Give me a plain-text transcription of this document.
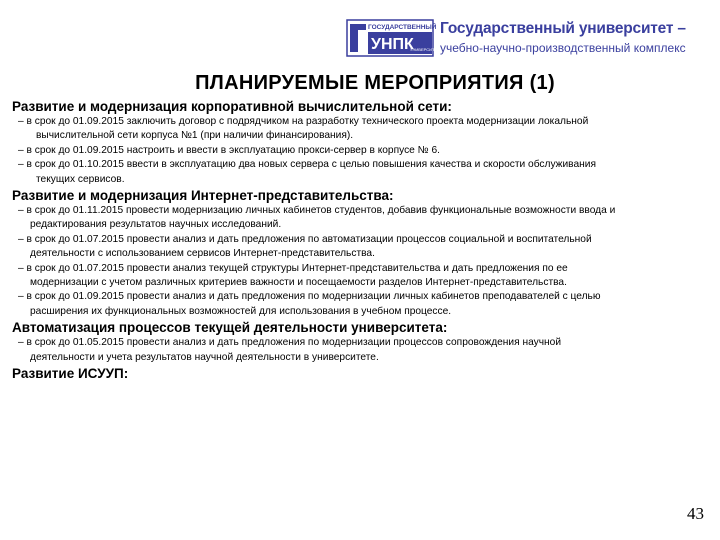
ГОСУДАРСТВЕННЫЙ
УНПК
УНИВЕРСИТЕТ
Государственный университет –
учебно-научно-производственный комплекс
ПЛАНИРУЕМЫЕ МЕРОПРИЯТИЯ (1)
Развитие и модернизация корпоративной вычислительной сети:
– в срок до 01.09.2015 заключить договор с подрядчиком на разработку технического проекта модернизации локальной
вычислительной сети корпуса №1 (при наличии финансирования).
– в срок до 01.09.2015 настроить и ввести в эксплуатацию прокси-сервер в корпусе № 6.
– в срок до 01.10.2015 ввести в эксплуатацию два новых сервера с целью повышения качества и скорости обслуживания
текущих сервисов.
Развитие и модернизация Интернет-представительства:
– в срок до 01.11.2015 провести модернизацию личных кабинетов студентов, добавив функциональные возможности ввода и
редактирования результатов научных исследований.
– в срок до 01.07.2015 провести анализ и дать предложения по автоматизации процессов социальной и воспитательной
деятельности с использованием сервисов Интернет-представительства.
– в срок до 01.07.2015 провести анализ текущей структуры Интернет-представительства и дать предложения по ее
модернизации с учетом различных критериев важности и посещаемости разделов Интернет-представительства.
– в срок до 01.09.2015 провести анализ и дать предложения по модернизации личных кабинетов преподавателей с целью
расширения их функциональных возможностей для использования в учебном процессе.
Автоматизация процессов текущей деятельности университета:
– в срок до 01.05.2015 провести анализ и дать предложения по модернизации процессов сопровождения научной
деятельности и учета результатов научной деятельности в университете.
Развитие ИСУУП:
43
